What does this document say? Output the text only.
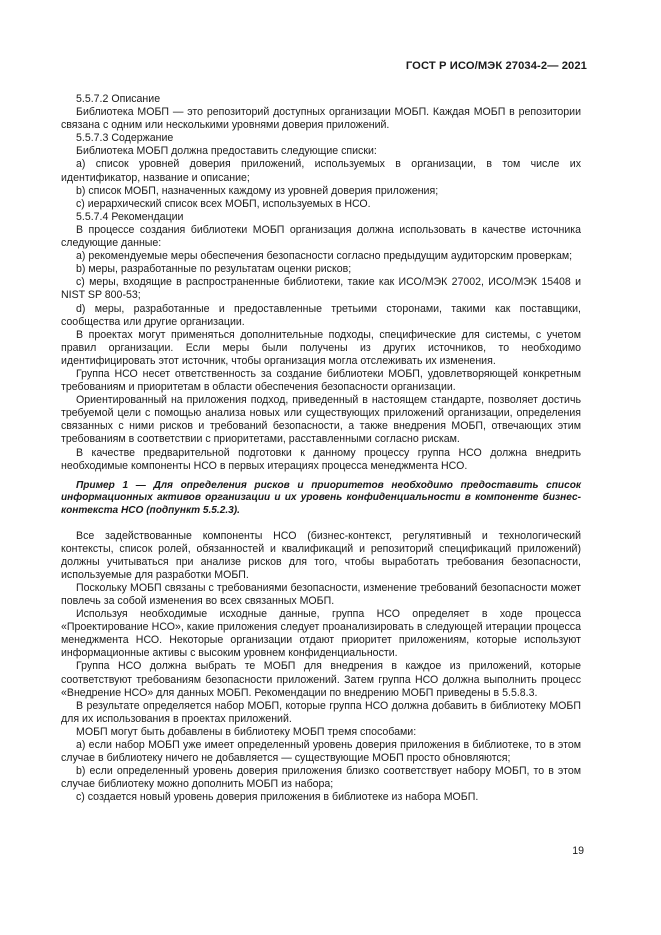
ГОСТ Р ИСО/МЭК 27034-2— 2021

5.5.7.2 Описание

Библиотека МОБП — это репозиторий доступных организации МОБП. Каждая МОБП в репозитории связана с одним или несколькими уровнями доверия приложений.

5.5.7.3 Содержание

Библиотека МОБП должна предоставить следующие списки:

a) список уровней доверия приложений, используемых в организации, в том числе их идентификатор, название и описание;

b) список МОБП, назначенных каждому из уровней доверия приложения;

c) иерархический список всех МОБП, используемых в НСО.

5.5.7.4 Рекомендации

В процессе создания библиотеки МОБП организация должна использовать в качестве источника следующие данные:

a) рекомендуемые меры обеспечения безопасности согласно предыдущим аудиторским проверкам;

b) меры, разработанные по результатам оценки рисков;

c) меры, входящие в распространенные библиотеки, такие как ИСО/МЭК 27002, ИСО/МЭК 15408 и NIST SP 800-53;

d) меры, разработанные и предоставленные третьими сторонами, такими как поставщики, сообщества или другие организации.

В проектах могут применяться дополнительные подходы, специфические для системы, с учетом правил организации. Если меры были получены из других источников, то необходимо идентифицировать этот источник, чтобы организация могла отслеживать их изменения.

Группа НСО несет ответственность за создание библиотеки МОБП, удовлетворяющей конкретным требованиям и приоритетам в области обеспечения безопасности организации.

Ориентированный на приложения подход, приведенный в настоящем стандарте, позволяет достичь требуемой цели с помощью анализа новых или существующих приложений организации, определения связанных с ними рисков и требований безопасности, а также внедрения МОБП, отвечающих этим требованиям в соответствии с приоритетами, расставленными согласно рискам.

В качестве предварительной подготовки к данному процессу группа НСО должна внедрить необходимые компоненты НСО в первых итерациях процесса менеджмента НСО.

Пример 1 — Для определения рисков и приоритетов необходимо предоставить список информационных активов организации и их уровень конфиденциальности в компоненте бизнес-контекста НСО (подпункт 5.5.2.3).

Все задействованные компоненты НСО (бизнес-контекст, регулятивный и технологический контексты, список ролей, обязанностей и квалификаций и репозиторий спецификаций приложений) должны учитываться при анализе рисков для того, чтобы выработать требования безопасности, используемые для разработки МОБП.

Поскольку МОБП связаны с требованиями безопасности, изменение требований безопасности может повлечь за собой изменения во всех связанных МОБП.

Используя необходимые исходные данные, группа НСО определяет в ходе процесса «Проектирование НСО», какие приложения следует проанализировать в следующей итерации процесса менеджмента НСО. Некоторые организации отдают приоритет приложениям, которые используют информационные активы с высоким уровнем конфиденциальности.

Группа НСО должна выбрать те МОБП для внедрения в каждое из приложений, которые соответствуют требованиям безопасности приложений. Затем группа НСО должна выполнить процесс «Внедрение НСО» для данных МОБП. Рекомендации по внедрению МОБП приведены в 5.5.8.3.

В результате определяется набор МОБП, которые группа НСО должна добавить в библиотеку МОБП для их использования в проектах приложений.

МОБП могут быть добавлены в библиотеку МОБП тремя способами:

a) если набор МОБП уже имеет определенный уровень доверия приложения в библиотеке, то в этом случае в библиотеку ничего не добавляется — существующие МОБП просто обновляются;

b) если определенный уровень доверия приложения близко соответствует набору МОБП, то в этом случае библиотеку можно дополнить МОБП из набора;

c) создается новый уровень доверия приложения в библиотеке из набора МОБП.

19
